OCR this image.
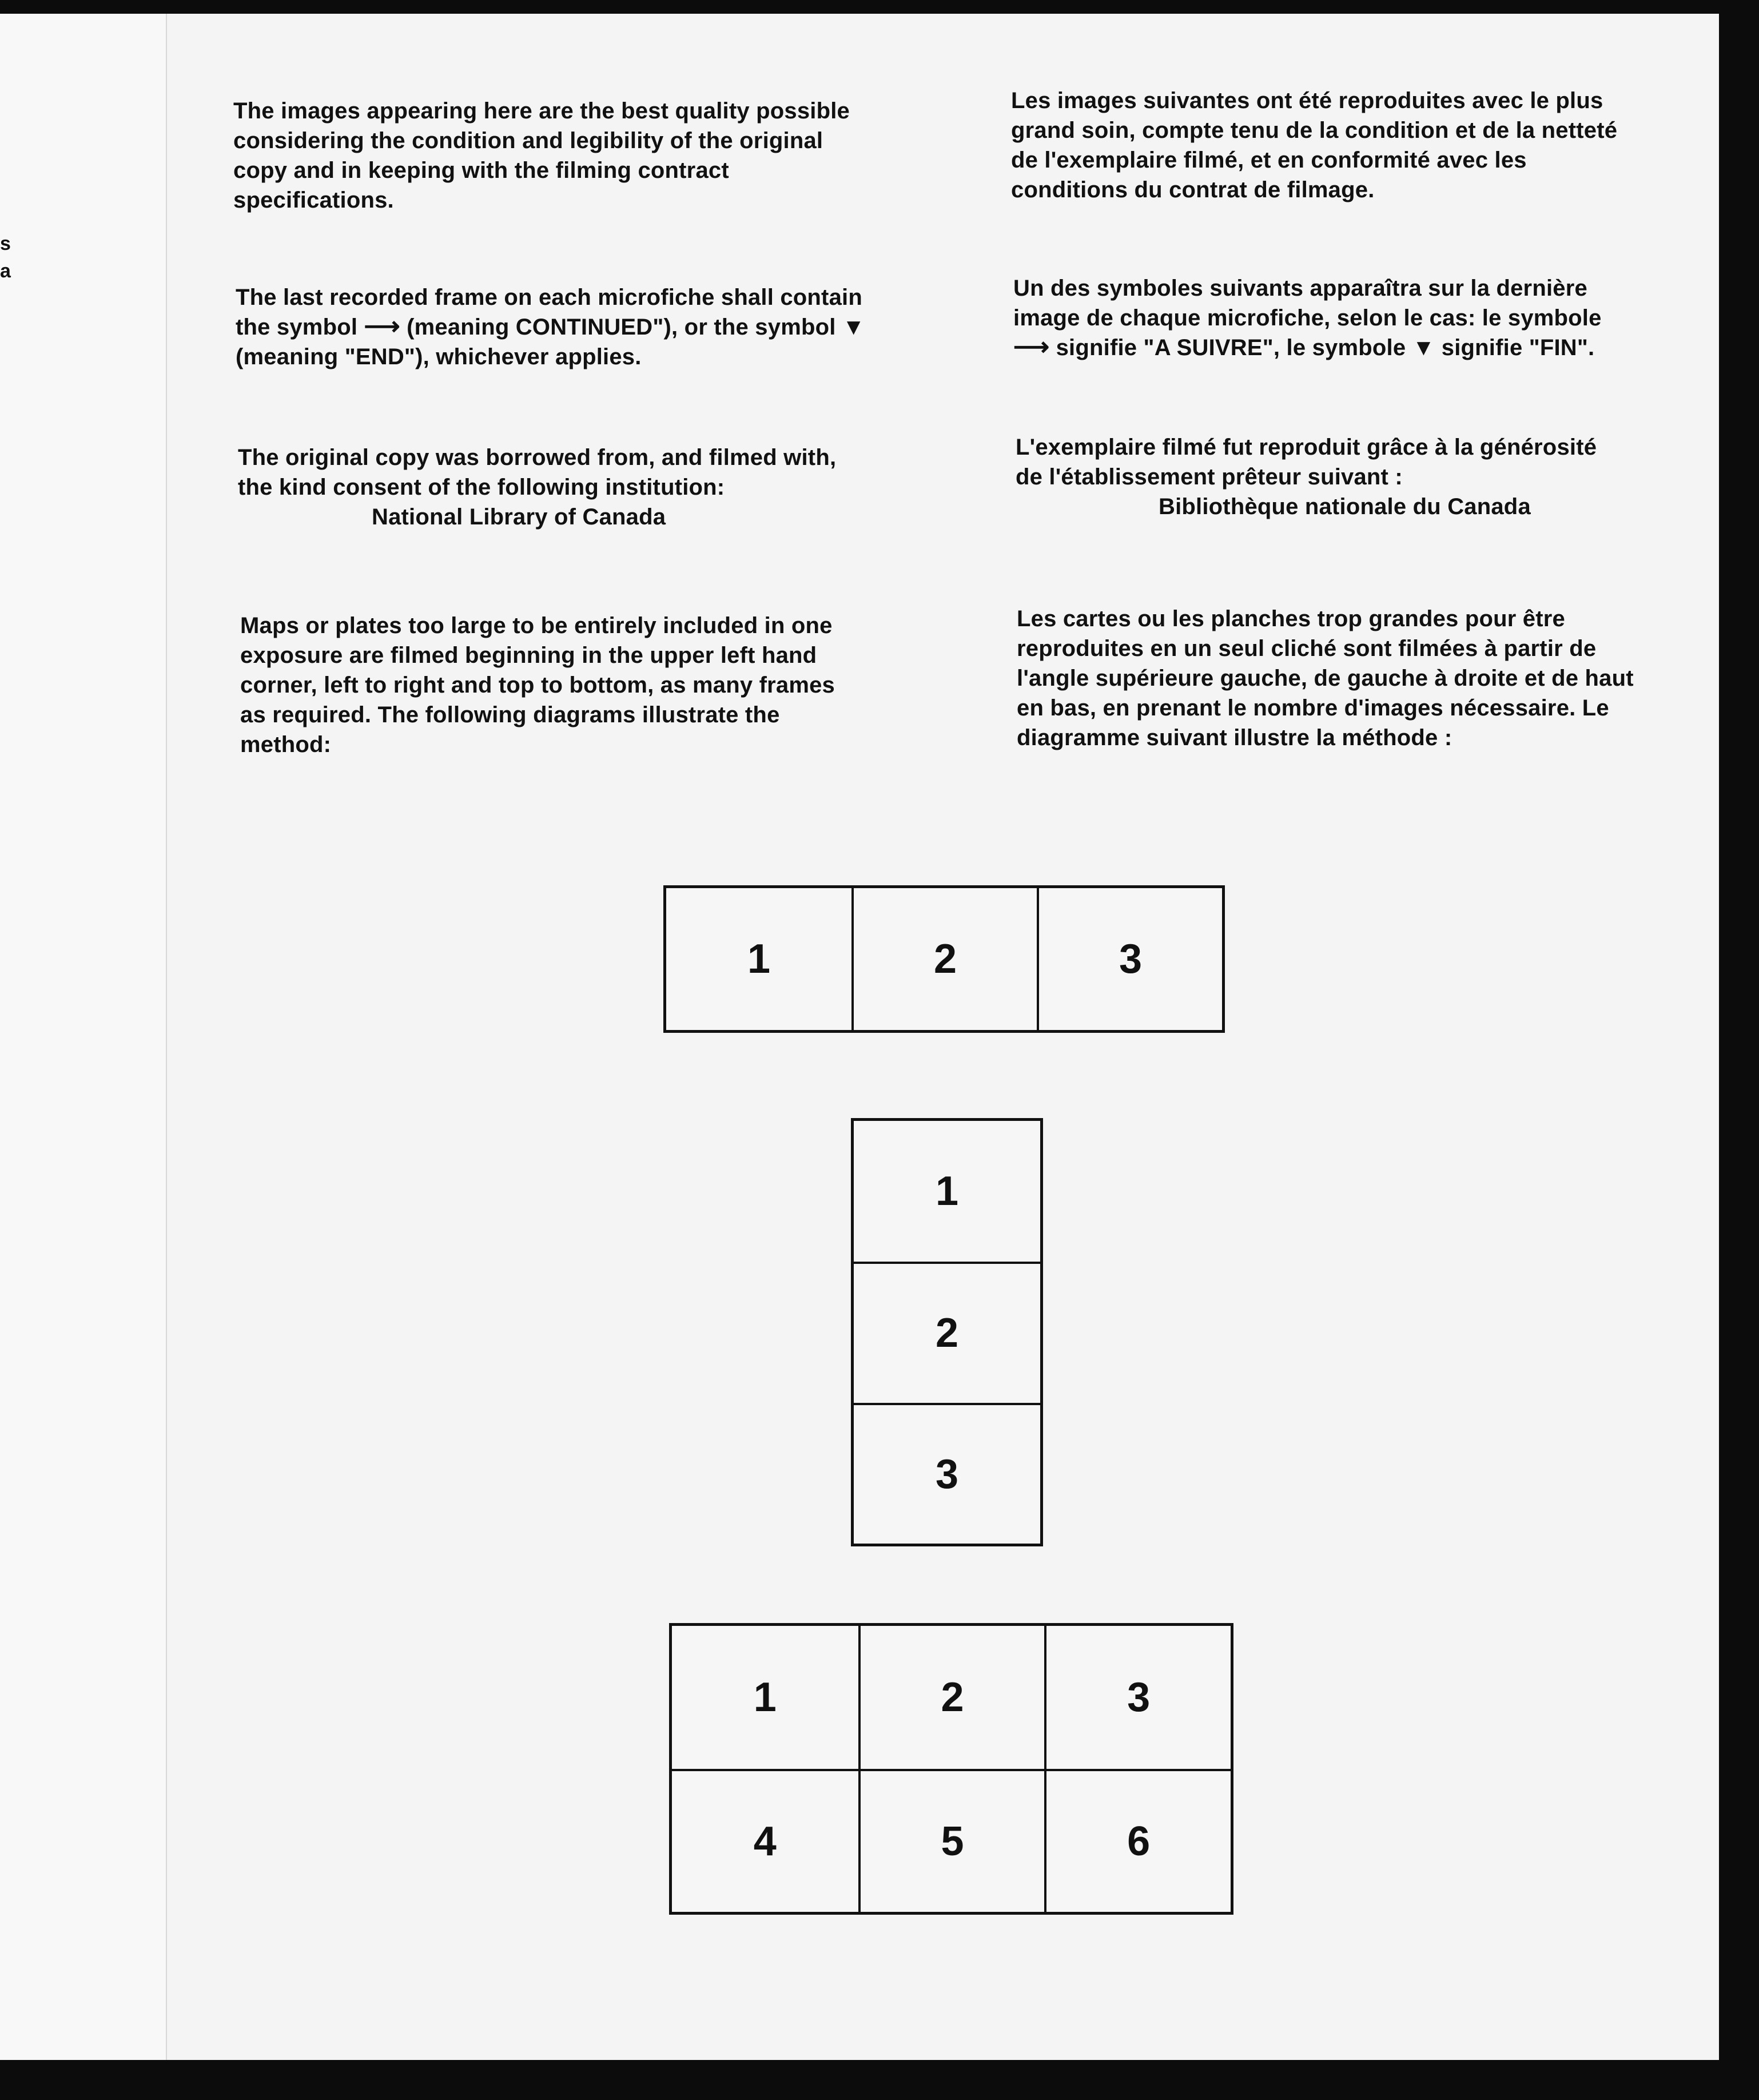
s
a

The images appearing here are the best quality possible considering the condition and legibility of the original copy and in keeping with the filming contract specifications.

The last recorded frame on each microfiche shall contain the symbol ⟶ (meaning CONTINUED"), or the symbol ▼ (meaning "END"), whichever applies.

The original copy was borrowed from, and filmed with, the kind consent of the following institution:
National Library of Canada

Maps or plates too large to be entirely included in one exposure are filmed beginning in the upper left hand corner, left to right and top to bottom, as many frames as required. The following diagrams illustrate the method:

Les images suivantes ont été reproduites avec le plus grand soin, compte tenu de la condition et de la netteté de l'exemplaire filmé, et en conformité avec les conditions du contrat de filmage.

Un des symboles suivants apparaîtra sur la dernière image de chaque microfiche, selon le cas: le symbole ⟶ signifie "A SUIVRE", le symbole ▼ signifie "FIN".

L'exemplaire filmé fut reproduit grâce à la générosité de l'établissement prêteur suivant :
Bibliothèque nationale du Canada

Les cartes ou les planches trop grandes pour être reproduites en un seul cliché sont filmées à partir de l'angle supérieure gauche, de gauche à droite et de haut en bas, en prenant le nombre d'images nécessaire. Le diagramme suivant illustre la méthode :

1	2	3
1
2
3
1	2	3
4	5	6
